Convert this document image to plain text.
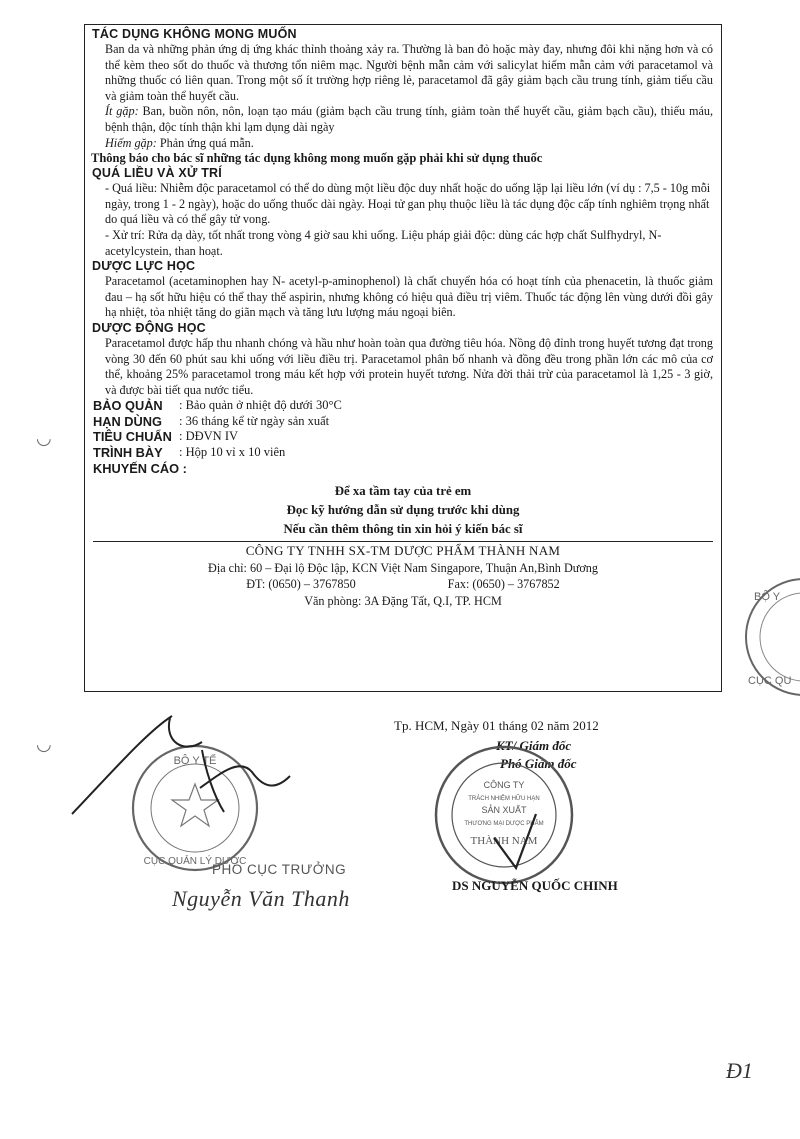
TÁC DỤNG KHÔNG MONG MUỐN
Ban da và những phản ứng dị ứng khác thỉnh thoảng xảy ra. Thường là ban đỏ hoặc mày đay, nhưng đôi khi nặng hơn và có thể kèm theo sốt do thuốc và thương tổn niêm mạc. Người bệnh mẫn cảm với salicylat hiếm mẫn cảm với paracetamol và những thuốc có liên quan. Trong một số ít trường hợp riêng lẻ, paracetamol đã gây giảm bạch cầu trung tính, giảm tiểu cầu và giảm toàn thể huyết cầu.
Ít gặp: Ban, buồn nôn, nôn, loạn tạo máu (giảm bạch cầu trung tính, giảm toàn thể huyết cầu, giảm bạch cầu), thiếu máu, bệnh thận, độc tính thận khi lạm dụng dài ngày
Hiếm gặp: Phản ứng quá mẫn.
Thông báo cho bác sĩ những tác dụng không mong muốn gặp phải khi sử dụng thuốc
QUÁ LIỀU VÀ XỬ TRÍ
- Quá liều: Nhiễm độc paracetamol có thể do dùng một liều độc duy nhất hoặc do uống lặp lại liều lớn (ví dụ : 7,5 - 10g mỗi ngày, trong 1 - 2 ngày), hoặc do uống thuốc dài ngày. Hoại tử gan phụ thuộc liều là tác dụng độc cấp tính nghiêm trọng nhất do quá liều và có thể gây tử vong.
- Xử trí: Rửa dạ dày, tốt nhất trong vòng 4 giờ sau khi uống. Liệu pháp giải độc: dùng các hợp chất Sulfhydryl, N-acetylcystein, than hoạt.
DƯỢC LỰC HỌC
Paracetamol (acetaminophen hay N- acetyl-p-aminophenol) là chất chuyển hóa có hoạt tính của phenacetin, là thuốc giảm đau – hạ sốt hữu hiệu có thể thay thế aspirin, nhưng không có hiệu quả điều trị viêm. Thuốc tác động lên vùng dưới đồi gây hạ nhiệt, tỏa nhiệt tăng do giãn mạch và tăng lưu lượng máu ngoại biên.
DƯỢC ĐỘNG HỌC
Paracetamol được hấp thu nhanh chóng và hầu như hoàn toàn qua đường tiêu hóa. Nồng độ đỉnh trong huyết tương đạt trong vòng 30 đến 60 phút sau khi uống với liều điều trị. Paracetamol phân bố nhanh và đồng đều trong phần lớn các mô của cơ thể, khoảng 25% paracetamol trong máu kết hợp với protein huyết tương. Nửa đời thải trừ của paracetamol là 1,25 - 3 giờ, và được bài tiết qua nước tiểu.
BẢO QUẢN	: Bảo quản ở nhiệt độ dưới 30°C
HẠN DÙNG	: 36 tháng kể từ ngày sản xuất
TIÊU CHUẨN : DĐVN IV
TRÌNH BÀY	: Hộp 10 vỉ x 10 viên
KHUYẾN CÁO :
Để xa tầm tay của trẻ em
Đọc kỹ hướng dẫn sử dụng trước khi dùng
Nếu cần thêm thông tin xin hỏi ý kiến bác sĩ
CÔNG TY TNHH SX-TM DƯỢC PHẨM THÀNH NAM
Địa chỉ: 60 – Đại lộ Độc lập, KCN Việt Nam Singapore, Thuận An,Bình Dương
ĐT: (0650) – 3767850	Fax: (0650) – 3767852
Văn phòng: 3A Đặng Tất, Q.I, TP. HCM
◡
◡
BỘ Y
CỤC QU
Tp. HCM, Ngày 01 tháng 02 năm 2012
KT/ Giám đốc
Phó Giám đốc
CÔNG TY
TRÁCH NHIỆM HỮU HẠN
SẢN XUẤT
THƯƠNG MẠI DƯỢC PHẨM
THÀNH NAM
DS NGUYỄN QUỐC CHINH
BỘ Y TẾ
CỤC QUẢN LÝ DƯỢC
PHÓ CỤC TRƯỞNG
Nguyễn Văn Thanh
Đ1
